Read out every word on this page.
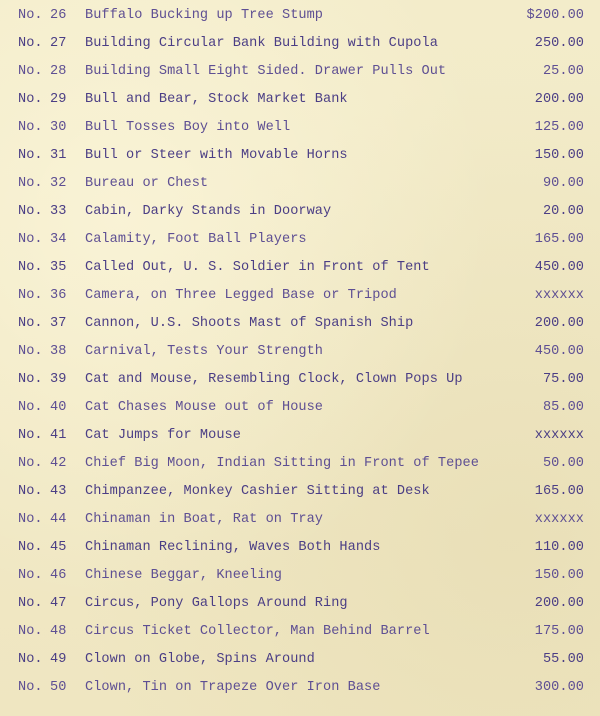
No. 26 Buffalo Bucking up Tree Stump	$200.00
No. 27 Building Circular Bank Building with Cupola	250.00
No. 28 Building Small Eight Sided. Drawer Pulls Out	25.00
No. 29 Bull and Bear, Stock Market Bank	200.00
No. 30 Bull Tosses Boy into Well	125.00
No. 31 Bull or Steer with Movable Horns	150.00
No. 32 Bureau or Chest	90.00
No. 33 Cabin, Darky Stands in Doorway	20.00
No. 34 Calamity, Foot Ball Players	165.00
No. 35 Called Out, U. S. Soldier in Front of Tent	450.00
No. 36 Camera, on Three Legged Base or Tripod	xxxxxx
No. 37 Cannon, U.S. Shoots Mast of Spanish Ship	200.00
No. 38 Carnival, Tests Your Strength	450.00
No. 39 Cat and Mouse, Resembling Clock, Clown Pops Up	75.00
No. 40 Cat Chases Mouse out of House	85.00
No. 41 Cat Jumps for Mouse	xxxxxx
No. 42 Chief Big Moon, Indian Sitting in Front of Tepee	50.00
No. 43 Chimpanzee, Monkey Cashier Sitting at Desk	165.00
No. 44 Chinaman in Boat, Rat on Tray	xxxxxx
No. 45 Chinaman Reclining, Waves Both Hands	110.00
No. 46 Chinese Beggar, Kneeling	150.00
No. 47 Circus, Pony Gallops Around Ring	200.00
No. 48 Circus Ticket Collector, Man Behind Barrel	175.00
No. 49 Clown on Globe, Spins Around	55.00
No. 50 Clown, Tin on Trapeze Over Iron Base	300.00
